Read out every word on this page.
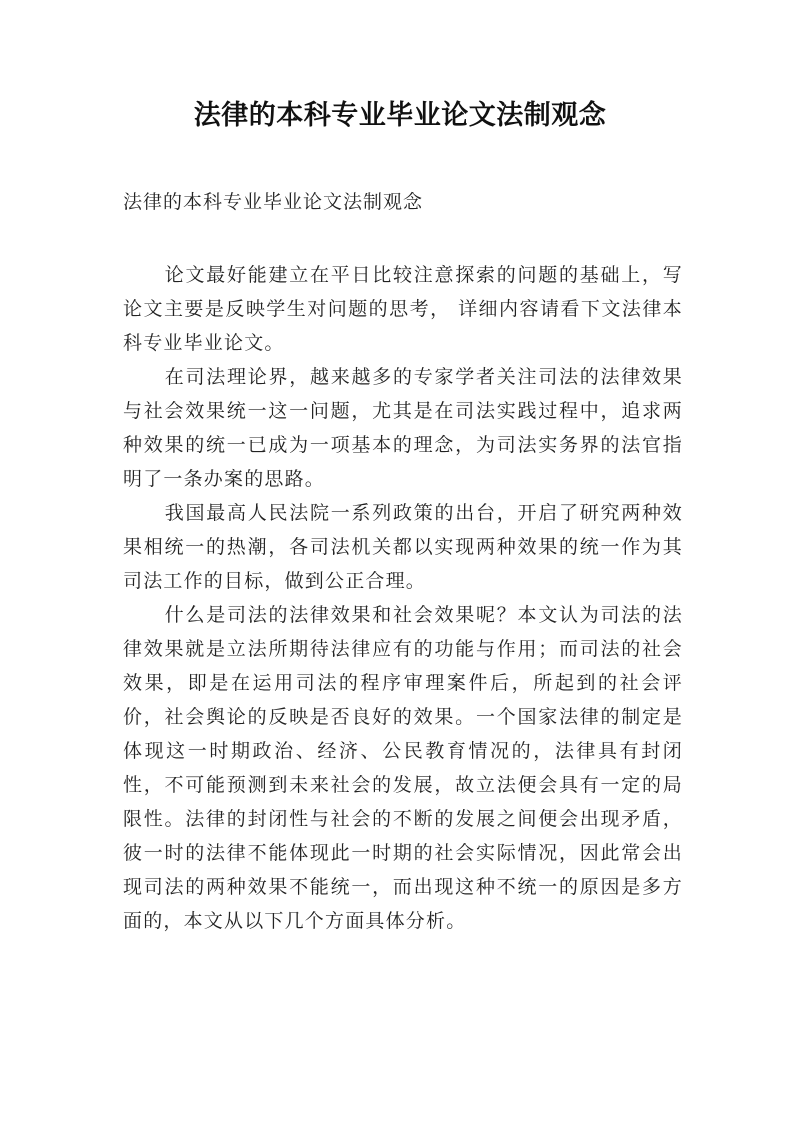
法律的本科专业毕业论文法制观念

法律的本科专业毕业论文法制观念

论文最好能建立在平日比较注意探索的问题的基础上，写论文主要是反映学生对问题的思考， 详细内容请看下文法律本科专业毕业论文。

在司法理论界，越来越多的专家学者关注司法的法律效果与社会效果统一这一问题，尤其是在司法实践过程中，追求两种效果的统一已成为一项基本的理念，为司法实务界的法官指明了一条办案的思路。

我国最高人民法院一系列政策的出台，开启了研究两种效果相统一的热潮，各司法机关都以实现两种效果的统一作为其司法工作的目标，做到公正合理。

什么是司法的法律效果和社会效果呢？本文认为司法的法律效果就是立法所期待法律应有的功能与作用；而司法的社会效果，即是在运用司法的程序审理案件后，所起到的社会评价，社会舆论的反映是否良好的效果。一个国家法律的制定是体现这一时期政治、经济、公民教育情况的，法律具有封闭性，不可能预测到未来社会的发展，故立法便会具有一定的局限性。法律的封闭性与社会的不断的发展之间便会出现矛盾，彼一时的法律不能体现此一时期的社会实际情况，因此常会出现司法的两种效果不能统一，而出现这种不统一的原因是多方面的，本文从以下几个方面具体分析。
